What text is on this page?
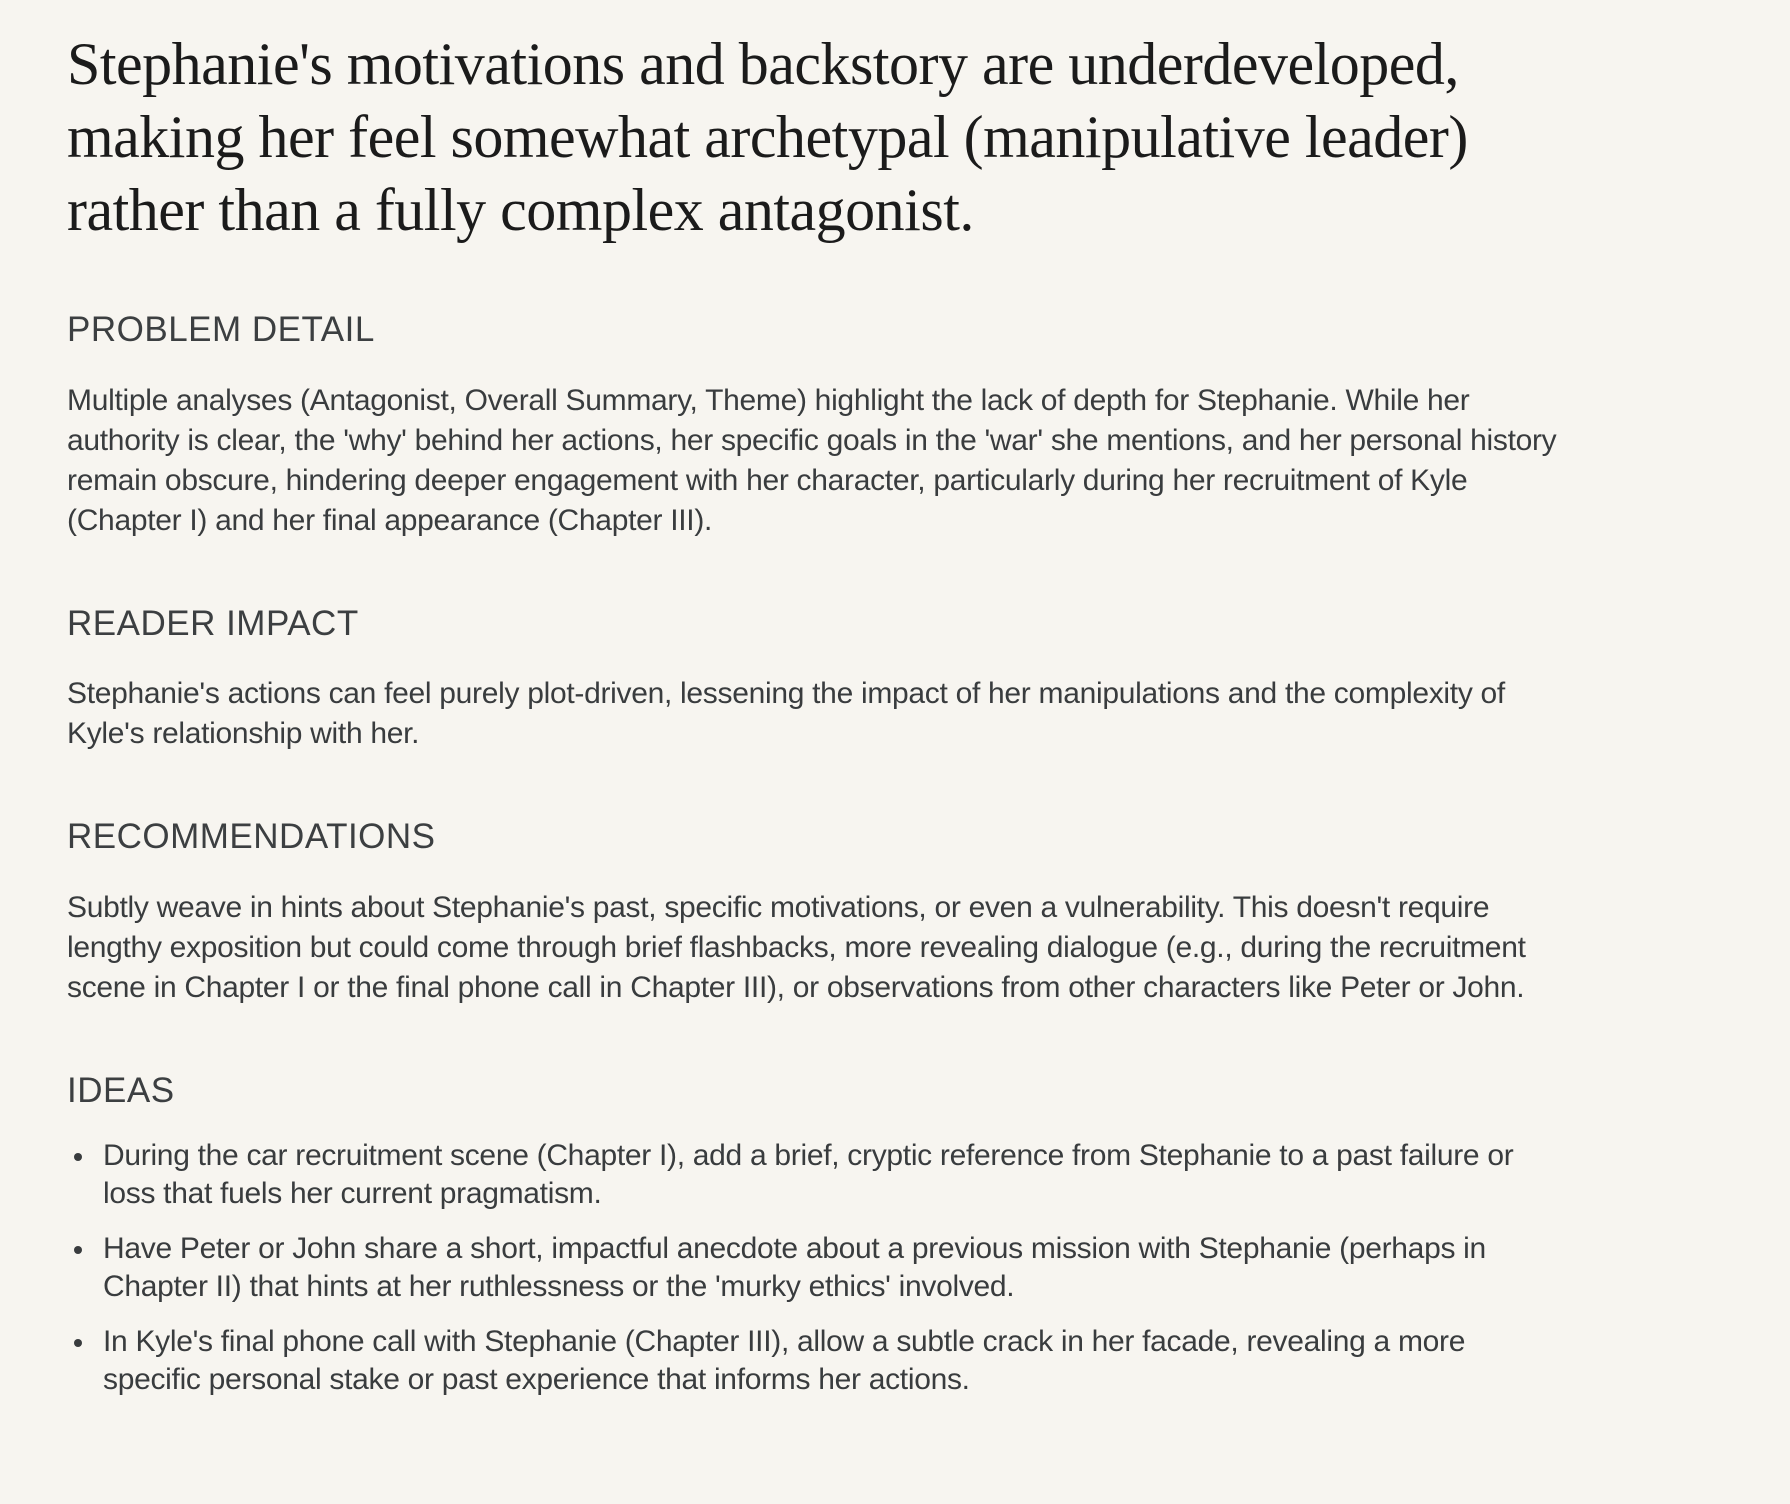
Stephanie's motivations and backstory are underdeveloped, making her feel somewhat archetypal (manipulative leader) rather than a fully complex antagonist.
PROBLEM DETAIL

Multiple analyses (Antagonist, Overall Summary, Theme) highlight the lack of depth for Stephanie. While her authority is clear, the 'why' behind her actions, her specific goals in the 'war' she mentions, and her personal history remain obscure, hindering deeper engagement with her character, particularly during her recruitment of Kyle (Chapter I) and her final appearance (Chapter III).

READER IMPACT

Stephanie's actions can feel purely plot-driven, lessening the impact of her manipulations and the complexity of Kyle's relationship with her.

RECOMMENDATIONS

Subtly weave in hints about Stephanie's past, specific motivations, or even a vulnerability. This doesn't require lengthy exposition but could come through brief flashbacks, more revealing dialogue (e.g., during the recruitment scene in Chapter I or the final phone call in Chapter III), or observations from other characters like Peter or John.

IDEAS
• During the car recruitment scene (Chapter I), add a brief, cryptic reference from Stephanie to a past failure or loss that fuels her current pragmatism.
• Have Peter or John share a short, impactful anecdote about a previous mission with Stephanie (perhaps in Chapter II) that hints at her ruthlessness or the 'murky ethics' involved.
• In Kyle's final phone call with Stephanie (Chapter III), allow a subtle crack in her facade, revealing a more specific personal stake or past experience that informs her actions.
